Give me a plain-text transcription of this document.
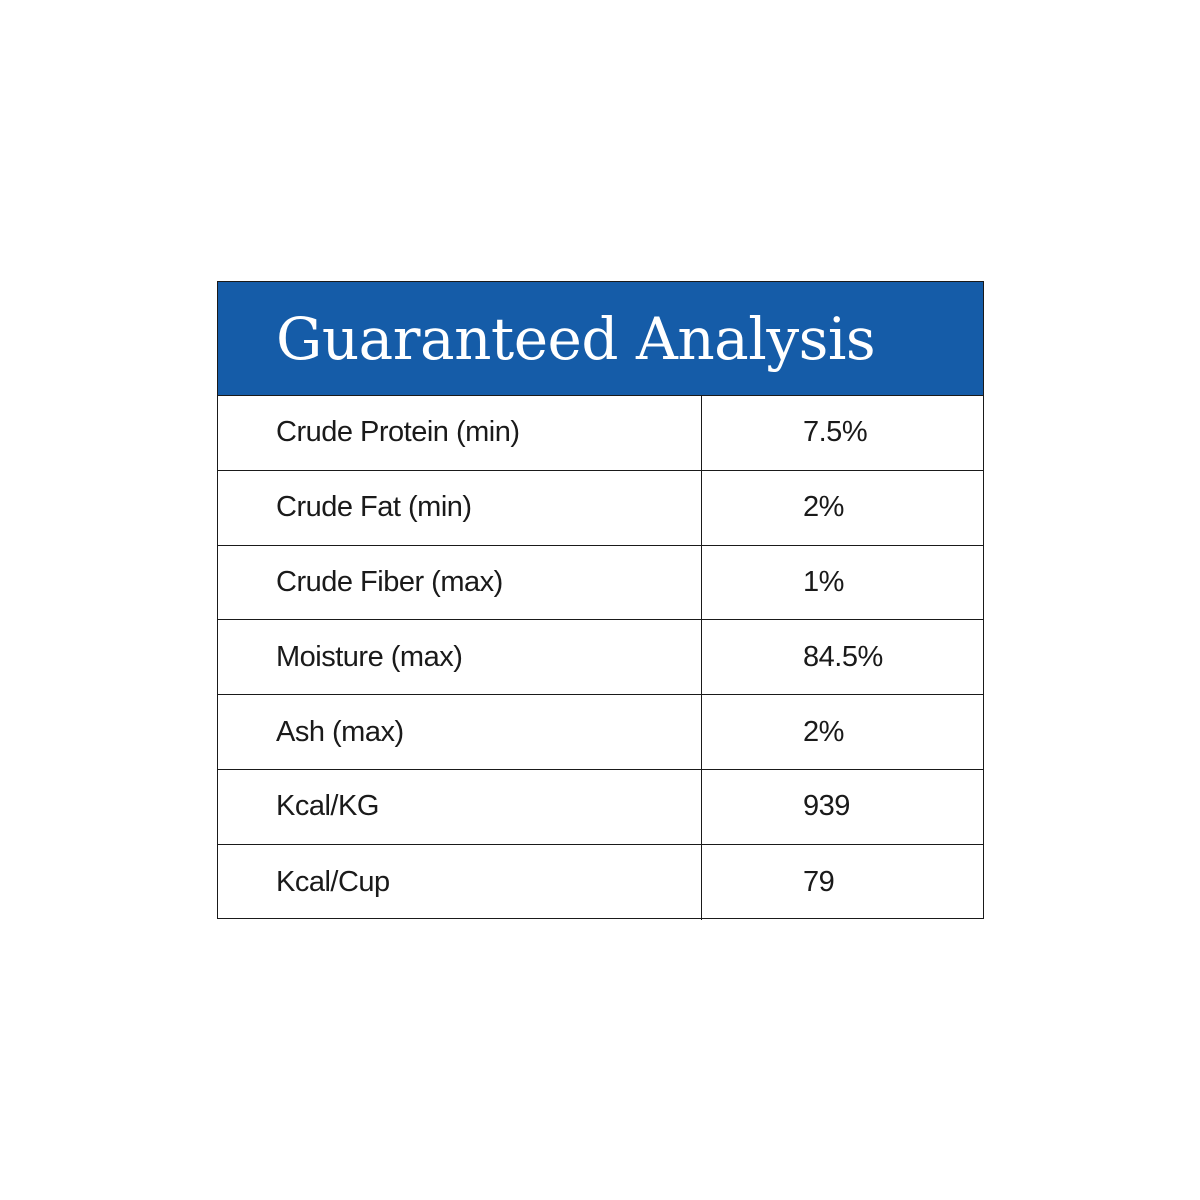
Guaranteed Analysis
Crude Protein (min)	7.5%
Crude Fat (min)	2%
Crude Fiber (max)	1%
Moisture (max)	84.5%
Ash (max)	2%
Kcal/KG	939
Kcal/Cup	79
